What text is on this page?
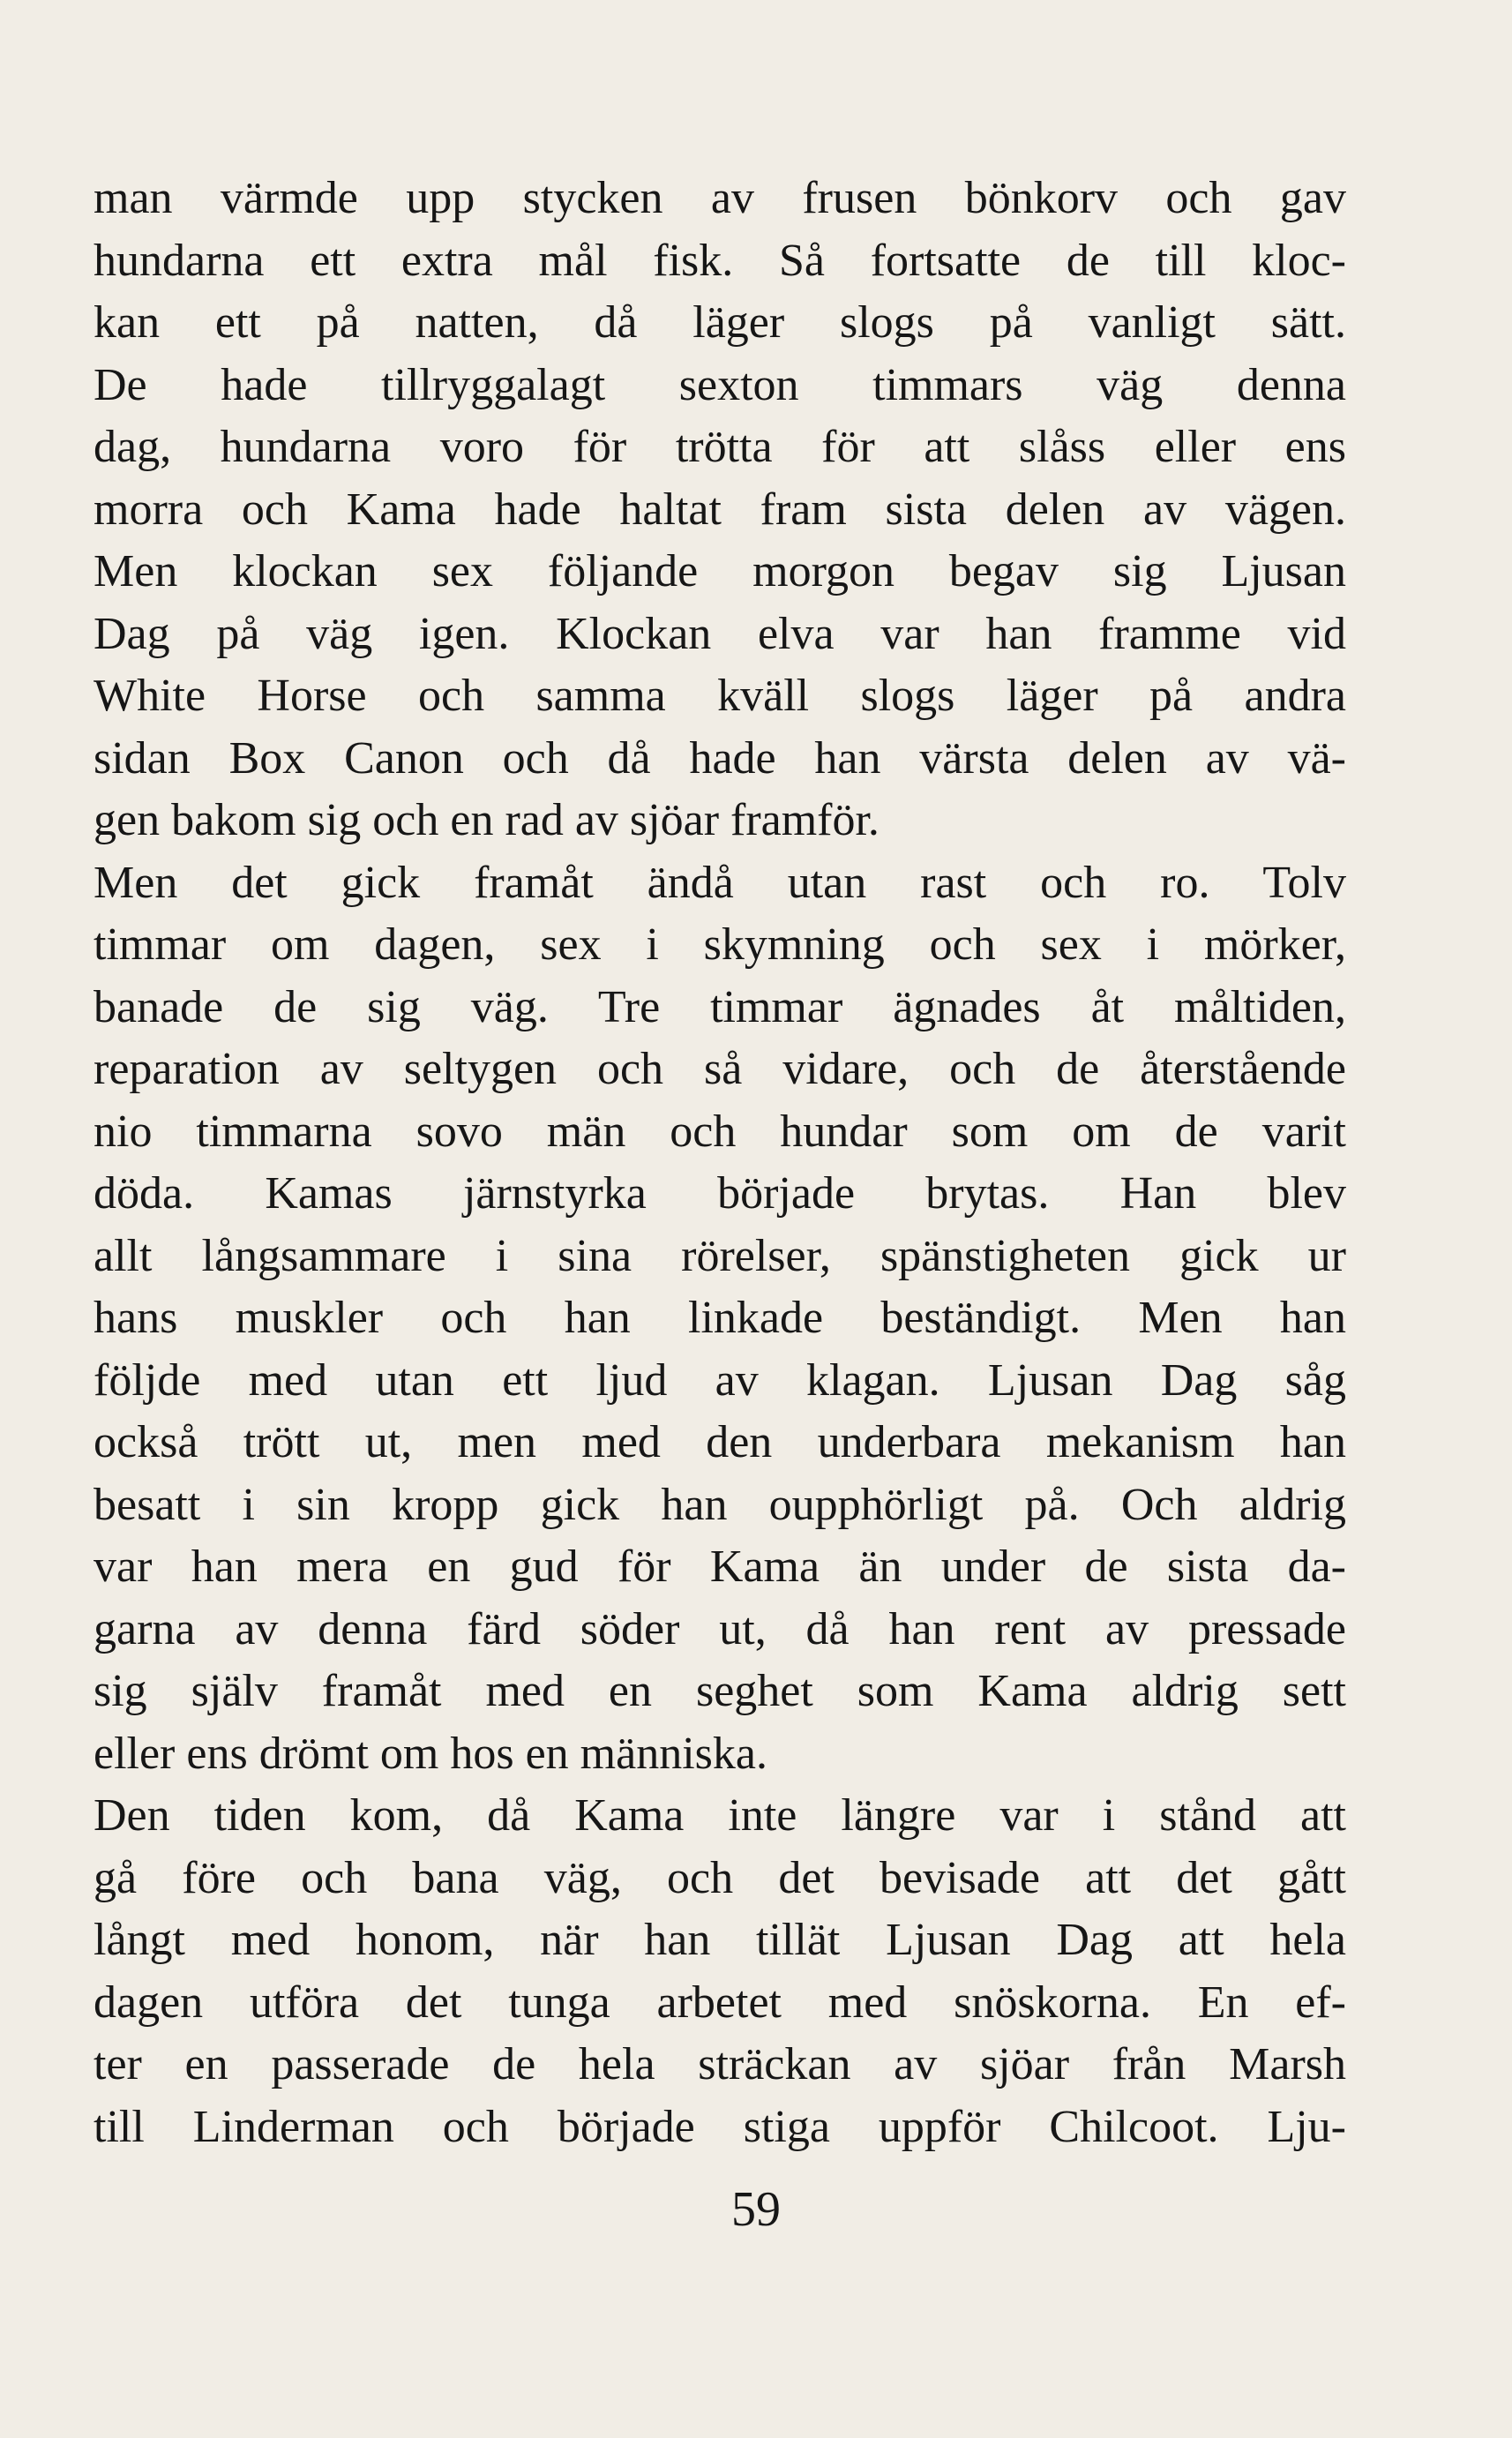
man värmde upp stycken av frusen bönkorv och gav
hundarna ett extra mål fisk. Så fortsatte de till kloc-
kan ett på natten, då läger slogs på vanligt sätt.
De hade tillryggalagt sexton timmars väg denna
dag, hundarna voro för trötta för att slåss eller ens
morra och Kama hade haltat fram sista delen av vägen.
Men klockan sex följande morgon begav sig Ljusan
Dag på väg igen. Klockan elva var han framme vid
White Horse och samma kväll slogs läger på andra
sidan Box Canon och då hade han värsta delen av vä-
gen bakom sig och en rad av sjöar framför.
Men det gick framåt ändå utan rast och ro. Tolv
timmar om dagen, sex i skymning och sex i mörker,
banade de sig väg. Tre timmar ägnades åt måltiden,
reparation av seltygen och så vidare, och de återstående
nio timmarna sovo män och hundar som om de varit
döda. Kamas järnstyrka började brytas. Han blev
allt långsammare i sina rörelser, spänstigheten gick ur
hans muskler och han linkade beständigt. Men han
följde med utan ett ljud av klagan. Ljusan Dag såg
också trött ut, men med den underbara mekanism han
besatt i sin kropp gick han oupphörligt på. Och aldrig
var han mera en gud för Kama än under de sista da-
garna av denna färd söder ut, då han rent av pressade
sig själv framåt med en seghet som Kama aldrig sett
eller ens drömt om hos en människa.
Den tiden kom, då Kama inte längre var i stånd att
gå före och bana väg, och det bevisade att det gått
långt med honom, när han tillät Ljusan Dag att hela
dagen utföra det tunga arbetet med snöskorna. En ef-
ter en passerade de hela sträckan av sjöar från Marsh
till Linderman och började stiga uppför Chilcoot. Lju-
59
